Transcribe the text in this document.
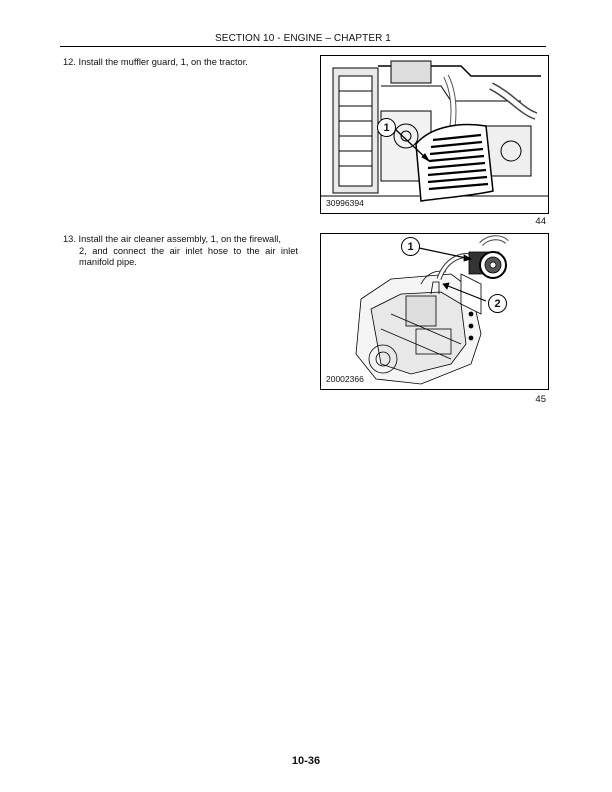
SECTION 10 - ENGINE – CHAPTER 1
12. Install the muffler guard, 1, on the tractor.
13. Install the air cleaner assembly, 1, on the firewall,
2, and connect the air inlet hose to the air inlet manifold pipe.
1
30996394
44
1
2
20002366
45
10-36
